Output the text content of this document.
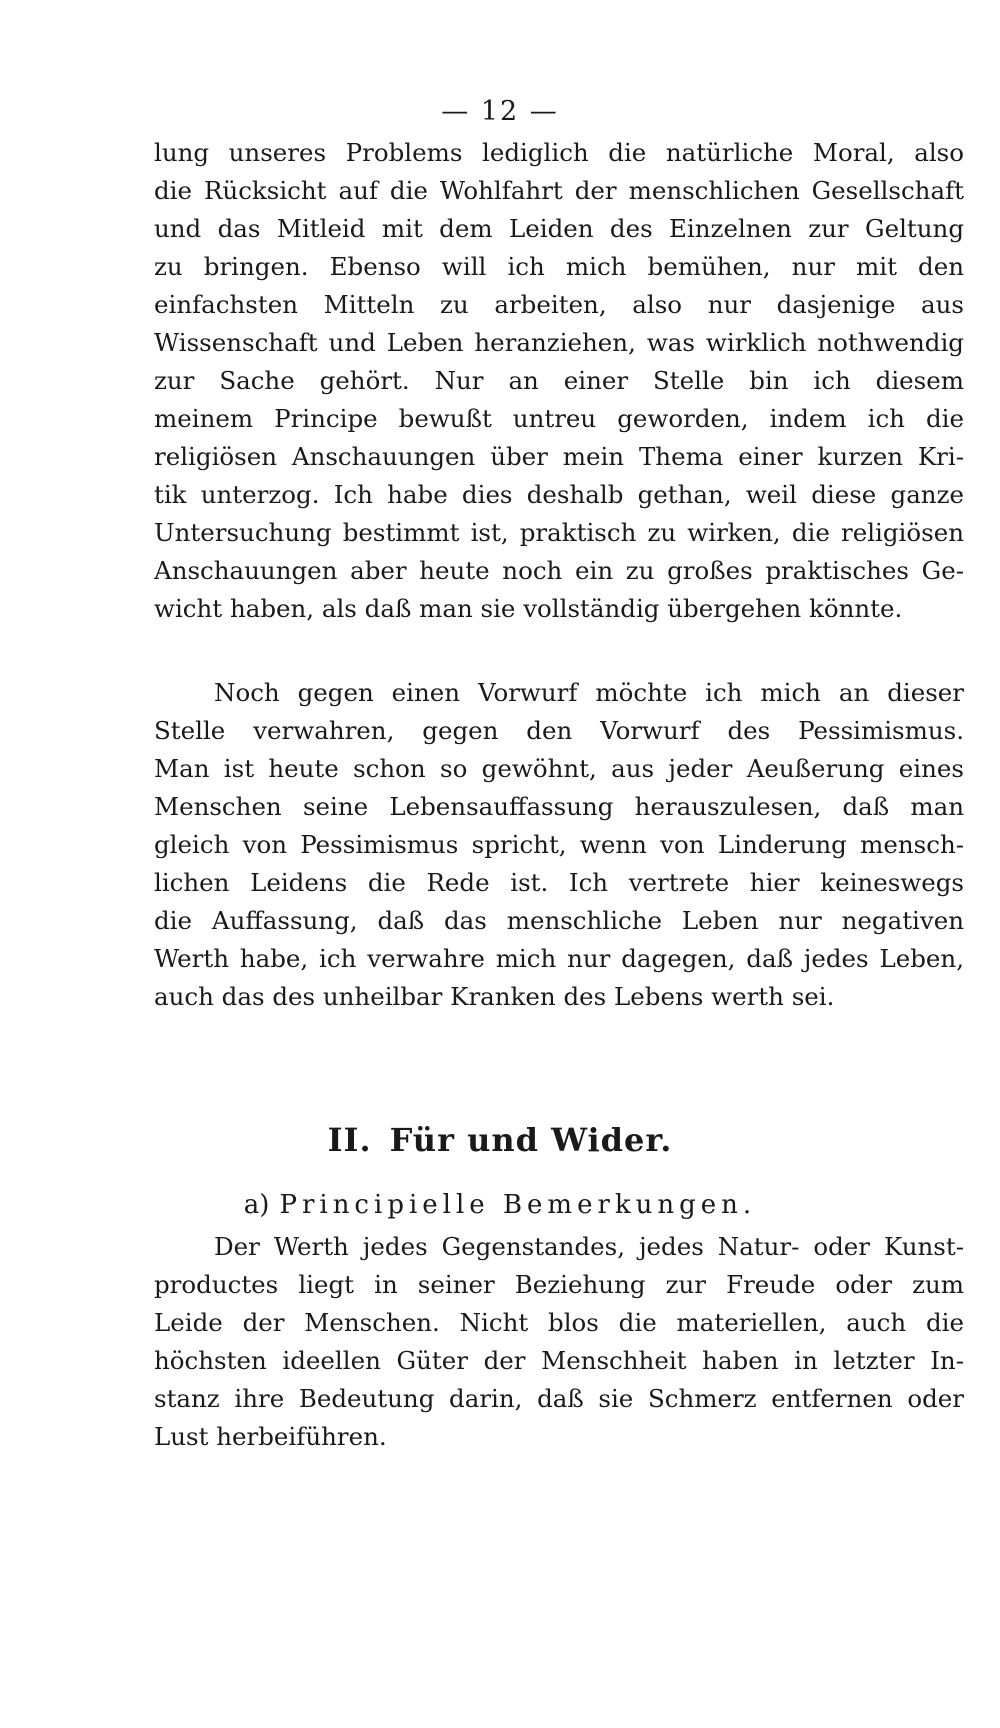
— 12 —
lung unseres Problems lediglich die natürliche Moral, also
die Rücksicht auf die Wohlfahrt der menschlichen Gesellschaft
und das Mitleid mit dem Leiden des Einzelnen zur Geltung
zu bringen. Ebenso will ich mich bemühen, nur mit den
einfachsten Mitteln zu arbeiten, also nur dasjenige aus
Wissenschaft und Leben heranziehen, was wirklich nothwendig
zur Sache gehört. Nur an einer Stelle bin ich diesem
meinem Principe bewußt untreu geworden, indem ich die
religiösen Anschauungen über mein Thema einer kurzen Kri-
tik unterzog. Ich habe dies deshalb gethan, weil diese ganze
Untersuchung bestimmt ist, praktisch zu wirken, die religiösen
Anschauungen aber heute noch ein zu großes praktisches Ge-
wicht haben, als daß man sie vollständig übergehen könnte.
Noch gegen einen Vorwurf möchte ich mich an dieser
Stelle verwahren, gegen den Vorwurf des Pessimismus.
Man ist heute schon so gewöhnt, aus jeder Aeußerung eines
Menschen seine Lebensauffassung herauszulesen, daß man
gleich von Pessimismus spricht, wenn von Linderung mensch-
lichen Leidens die Rede ist. Ich vertrete hier keineswegs
die Auffassung, daß das menschliche Leben nur negativen
Werth habe, ich verwahre mich nur dagegen, daß jedes Leben,
auch das des unheilbar Kranken des Lebens werth sei.
II. Für und Wider.
a) Principielle Bemerkungen.
Der Werth jedes Gegenstandes, jedes Natur- oder Kunst-
productes liegt in seiner Beziehung zur Freude oder zum
Leide der Menschen. Nicht blos die materiellen, auch die
höchsten ideellen Güter der Menschheit haben in letzter In-
stanz ihre Bedeutung darin, daß sie Schmerz entfernen oder
Lust herbeiführen.
